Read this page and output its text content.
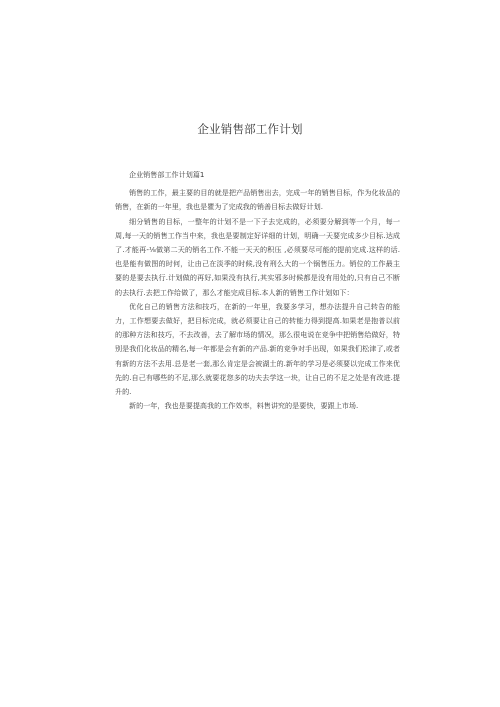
企业销售部工作计划

企业销售部工作计划篇1

销售的工作，最主要的目的就是把产品销售出去，完成一年的销售目标，作为化妆品的销售，在新的一年里，我也是瞿为了完成我的销善目标去做好计划.

细分销售的目标，一整年的计划不是一下子去完成的，必须要分解到等一个月，每一周,每一天的销售工作当中来，我也是要制定好详细的计划，明确一天要完成多少目标.达成了.才能再-⅛做第二天的销名工作.不能一天天的积压 ,必须要尽可能的提前完成.这样的话.也是能有做图的时何，让由己在淡季的时候,没有刑么大的一个锅售压力。销位的工作最主要的是要去执行.计划做的再好,如果没有执行,其实邪多时候都是没有用处的,只有自己不断的去执行.去把工作给做了，那么才能完成目标.本人新的销售工作计划如下：

优化自己的销售方法和技巧，在新的一年里，我要多学习，想办法提升自己转告的能力，工作想要去做好，把目标完成，就必须要让自己的转能力得到提高.如果老是抱普以前的那种方法和技巧，不去改善，去了解市场的情况，那么很电说在竞争中把销售给做好，特别是我们化妆品的精名,每一年都是会有新的产品.新的竞争对手出现，如果我们松津了,或者有新的方法不去用.总是老一套,那么肯定是会被湖土的.新年的学习是必须要以完成工作来优先的.自己有哪些的不足,那么就要花您多的功夫去学这一块，让自己的不足之处是有改进.提升的.

新的一年，我也是要提高我的工作效率，料售讲究的是要快，要跟上市场.
